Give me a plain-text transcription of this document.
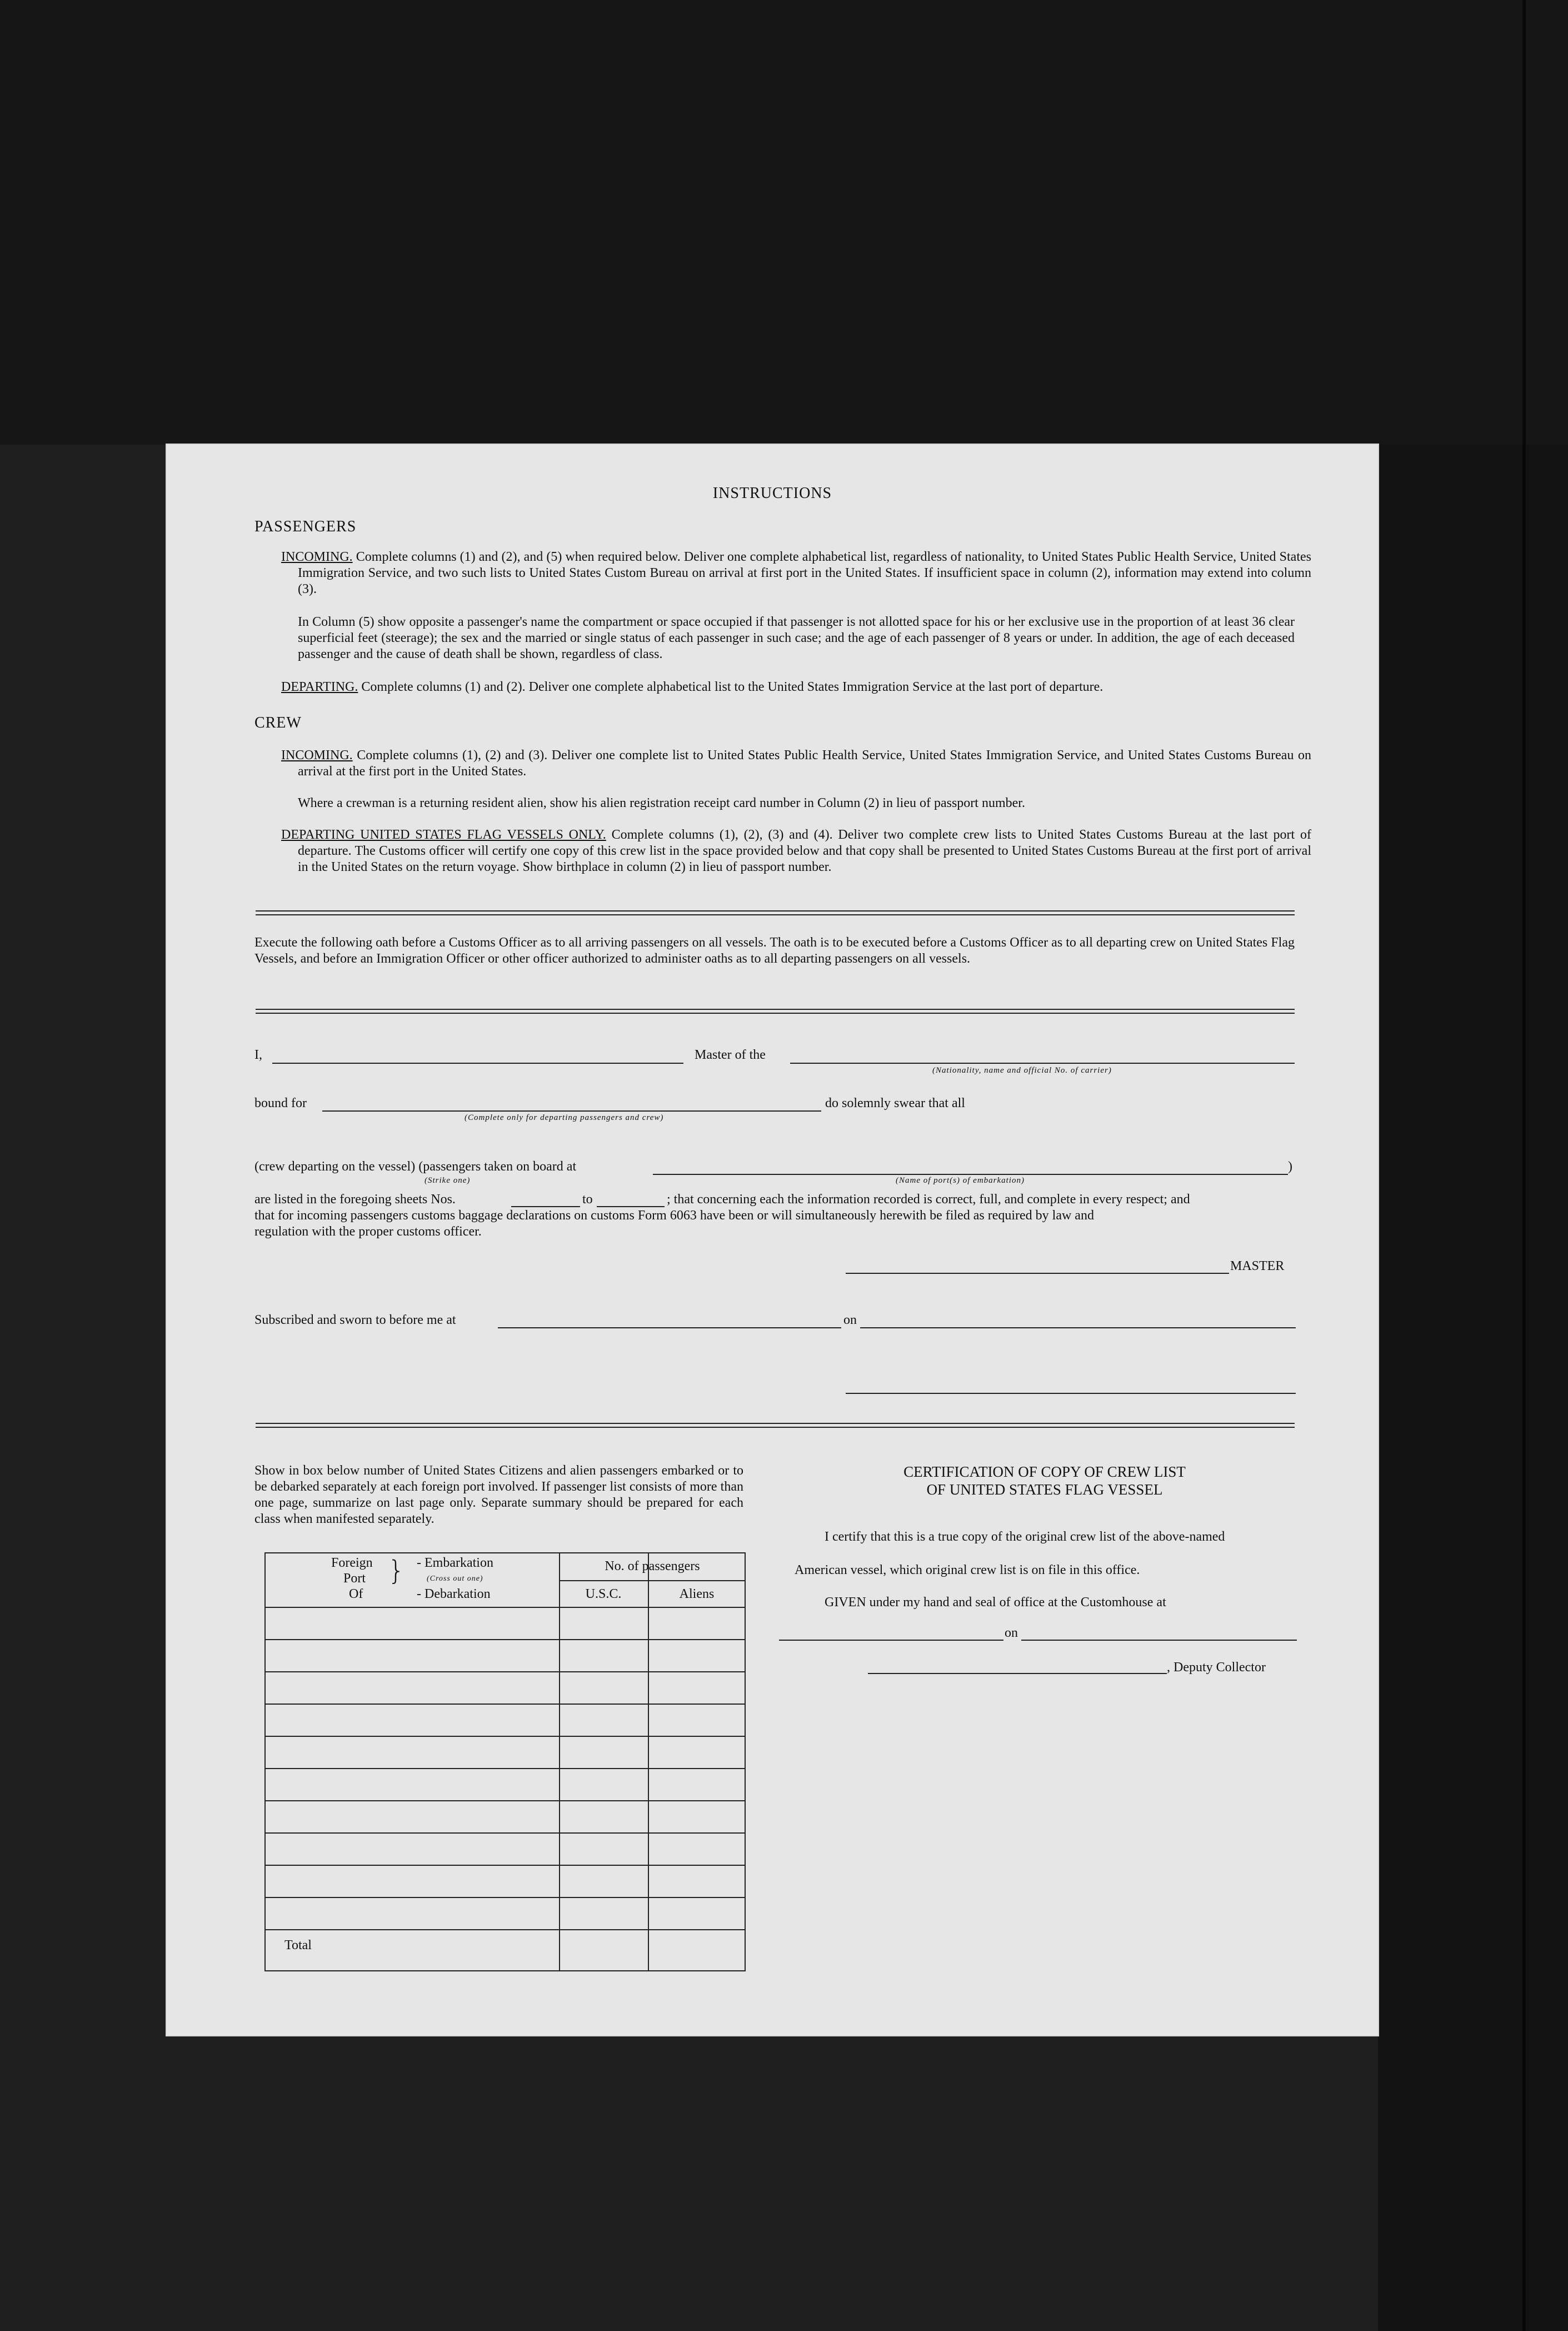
INSTRUCTIONS
PASSENGERS
INCOMING. Complete columns (1) and (2), and (5) when required below. Deliver one complete alphabetical list, regardless of nationality, to United States Public Health Service, United States Immigration Service, and two such lists to United States Custom Bureau on arrival at first port in the United States. If insufficient space in column (2), information may extend into column (3).
In Column (5) show opposite a passenger's name the compartment or space occupied if that passenger is not allotted space for his or her exclusive use in the proportion of at least 36 clear superficial feet (steerage); the sex and the married or single status of each passenger in such case; and the age of each passenger of 8 years or under. In addition, the age of each deceased passenger and the cause of death shall be shown, regardless of class.
DEPARTING. Complete columns (1) and (2). Deliver one complete alphabetical list to the United States Immigration Service at the last port of departure.
CREW
INCOMING. Complete columns (1), (2) and (3). Deliver one complete list to United States Public Health Service, United States Immigration Service, and United States Customs Bureau on arrival at the first port in the United States.
Where a crewman is a returning resident alien, show his alien registration receipt card number in Column (2) in lieu of passport number.
DEPARTING UNITED STATES FLAG VESSELS ONLY. Complete columns (1), (2), (3) and (4). Deliver two complete crew lists to United States Customs Bureau at the last port of departure. The Customs officer will certify one copy of this crew list in the space provided below and that copy shall be presented to United States Customs Bureau at the first port of arrival in the United States on the return voyage. Show birthplace in column (2) in lieu of passport number.
Execute the following oath before a Customs Officer as to all arriving passengers on all vessels. The oath is to be executed before a Customs Officer as to all departing crew on United States Flag Vessels, and before an Immigration Officer or other officer authorized to administer oaths as to all departing passengers on all vessels.
I,	Master of the
(Nationality, name and official No. of carrier)
bound for
(Complete only for departing passengers and crew)
do solemnly swear that all
(crew departing on the vessel) (passengers taken on board at
(Strike one)
)
(Name of port(s) of embarkation)
are listed in the foregoing sheets Nos.	to	; that concerning each the information recorded is correct, full, and complete in every respect; and
that for incoming passengers customs baggage declarations on customs Form 6063 have been or will simultaneously herewith be filed as required by law and
regulation with the proper customs officer.
MASTER
Subscribed and sworn to before me at	on
Show in box below number of United States Citizens and alien passengers embarked or to be debarked separately at each foreign port involved. If passenger list consists of more than one page, summarize on last page only. Separate summary should be prepared for each class when manifested separately.
Foreign
Port
Of
} - Embarkation
(Cross out one)
- Debarkation
No. of passengers
U.S.C.	Aliens
Total
CERTIFICATION OF COPY OF CREW LIST
OF UNITED STATES FLAG VESSEL
I certify that this is a true copy of the original crew list of the above-named
American vessel, which original crew list is on file in this office.
GIVEN under my hand and seal of office at the Customhouse at
on
, Deputy Collector
